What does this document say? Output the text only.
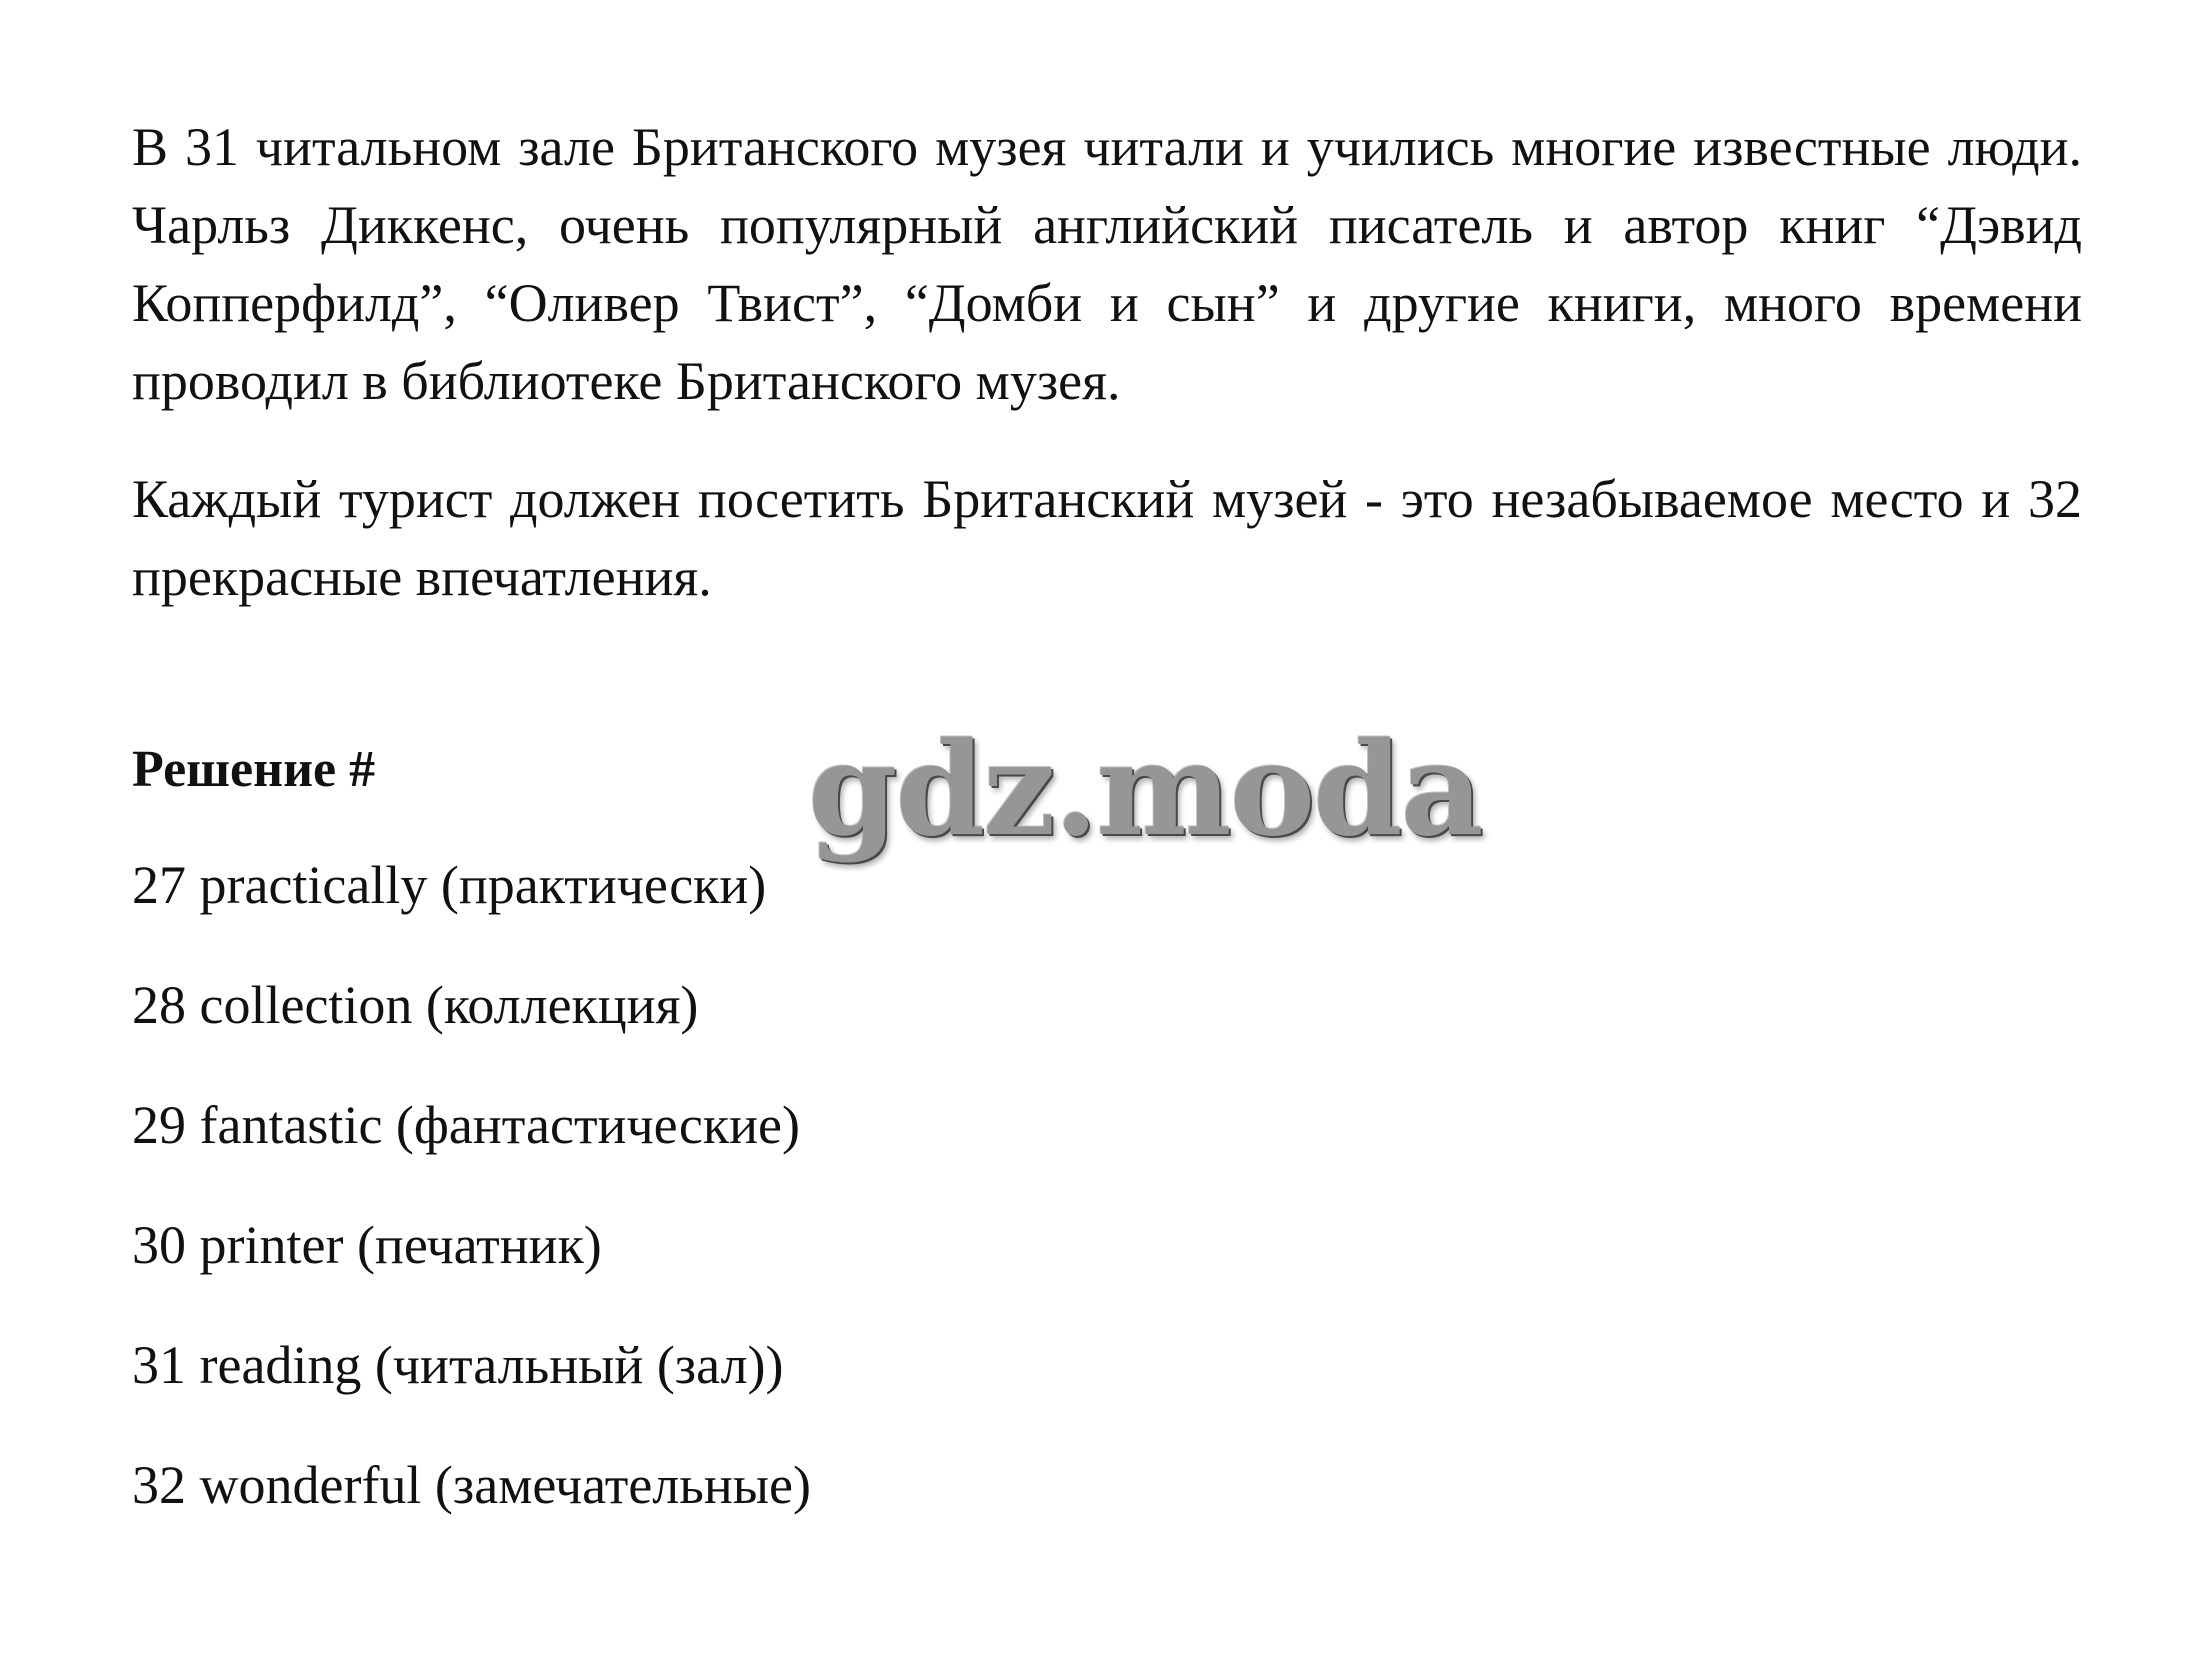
В 31 читальном зале Британского музея читали и учились многие известные люди. Чарльз Диккенс, очень популярный английский писатель и автор книг “Дэвид Копперфилд”, “Оливер Твист”, “Домби и сын” и другие книги, много времени проводил в библиотеке Британского музея.

Каждый турист должен посетить Британский музей - это незабываемое место и 32 прекрасные впечатления.

Решение #
27 practically (практически)
28 collection (коллекция)
29 fantastic (фантастические)
30 printer (печатник)
31 reading (читальный (зал))
32 wonderful (замечательные)
gdz.moda
